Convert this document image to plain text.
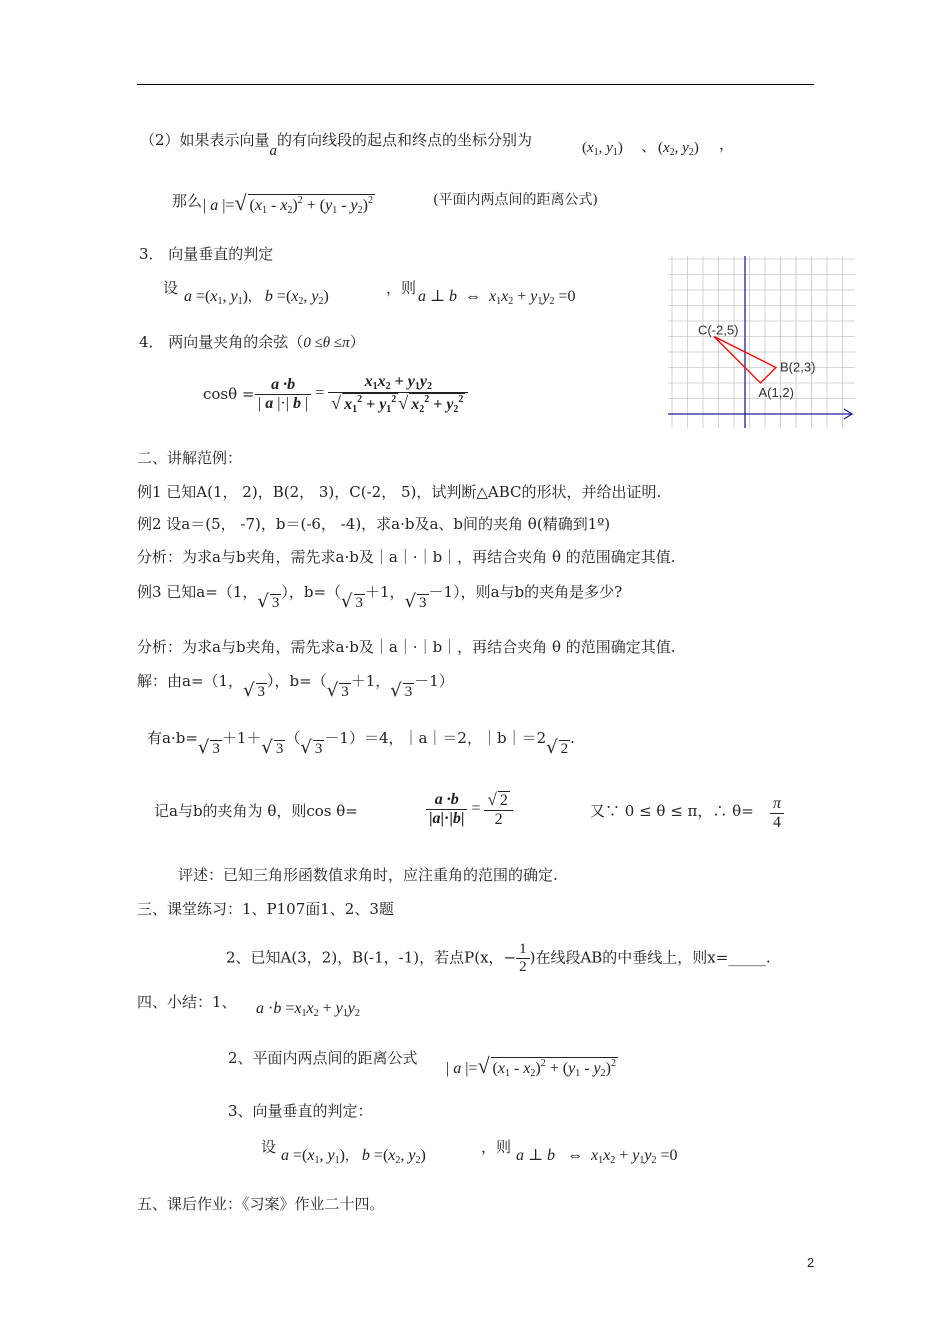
（2）如果表示向量a的有向线段的起点和终点的坐标分别为	($x_1$, $y_1$) 、 ($x_2$, $y_2$) ，
那么 | a |=√ $(x_1 - x_2)^2 + (y_1 - y_2)^2$	(平面内两点间的距离公式)
3． 向量垂直的判定
设 $a =(x_1$, $y_1$)， $b =(x_2$, $y_2$)	，则 a ⊥ b  ⇔  $x_1x_2 + y_1y_2 =0$
4． 两向量夹角的余弦（0 ≤θ ≤π）
$\cos\theta = \frac{a \cdot b}{| a |\cdot| b |} = \frac{x_1x_2 + y_1y_2}{√ x_1^2 + y_1^2 √ x_2^2 + y_2^2}$
C(-2,5)
B(2,3)
A(1,2)
二、讲解范例：
例1 已知A(1， 2)，B(2， 3)，C(-2， 5)，试判断△ABC的形状，并给出证明.
例2 设a＝(5， -7)，b＝(-6， -4)，求a·b及a、b间的夹角 θ(精确到1º)
分析：为求a与b夹角，需先求a·b及｜a｜·｜b｜，再结合夹角 θ 的范围确定其值.
例3 已知a=（1，√ 3），b=（√ 3＋1，√ 3－1），则a与b的夹角是多少?
分析：为求a与b夹角，需先求a·b及｜a｜·｜b｜，再结合夹角 θ 的范围确定其值.
解：由a=（1，√ 3），b=（√ 3＋1，√ 3－1）
有a·b=√ 3＋1＋√ 3（√ 3－1）＝4，｜a｜＝2，｜b｜＝2√ 2.
记a与b的夹角为 θ，则cos θ=	$\frac{a \cdot b}{|a|\cdot|b|} = \frac{√ 2}{2}$	又∵ 0 ≤ θ ≤ π，∴ $\theta= \frac{\pi}{4}$
评述：已知三角形函数值求角时，应注重角的范围的确定.
三、课堂练习：1、P107面1、2、3题
2、已知A(3，2)，B(-1，-1)，若点P(x，− $\frac{1}{2}$ )在线段AB的中垂线上，则x=_____.
四、小结：1、 $a \cdot b =x_1x_2 + y_1y_2$
2、平面内两点间的距离公式
| a |=√ $(x_1 - x_2)^2 + (y_1 - y_2)^2$
3、向量垂直的判定：
设 $a =(x_1$, $y_1$)， $b =(x_2$, $y_2$)	，则 a ⊥ b   ⇔  $x_1x_2 + y_1y_2 =0$
五、课后作业：《习案》作业二十四。
2
